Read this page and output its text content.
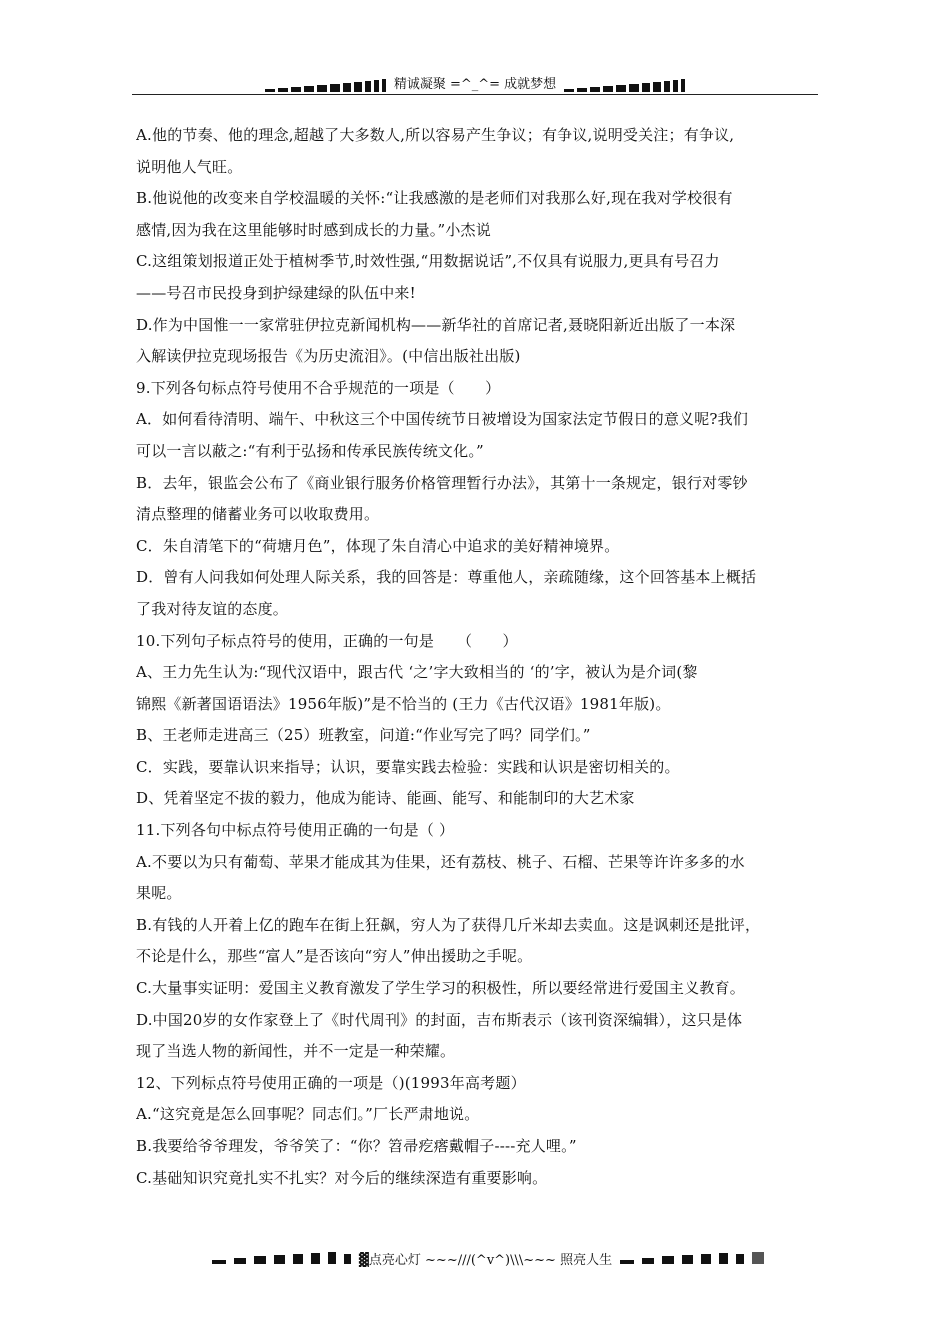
精诚凝聚 =^_^= 成就梦想
A.他的节奏、他的理念,超越了大多数人,所以容易产生争议；有争议,说明受关注；有争议,
说明他人气旺。
B.他说他的改变来自学校温暖的关怀:“让我感激的是老师们对我那么好,现在我对学校很有
感情,因为我在这里能够时时感到成长的力量。”小杰说
C.这组策划报道正处于植树季节,时效性强,“用数据说话”,不仅具有说服力,更具有号召力
——号召市民投身到护绿建绿的队伍中来!
D.作为中国惟一一家常驻伊拉克新闻机构——新华社的首席记者,聂晓阳新近出版了一本深
入解读伊拉克现场报告《为历史流泪》。(中信出版社出版)
9.下列各句标点符号使用不合乎规范的一项是（　　）
A．如何看待清明、端午、中秋这三个中国传统节日被增设为国家法定节假日的意义呢?我们
可以一言以蔽之:“有利于弘扬和传承民族传统文化。”
B．去年，银监会公布了《商业银行服务价格管理暂行办法》，其第十一条规定，银行对零钞
清点整理的储蓄业务可以收取费用。
C．朱自清笔下的“荷塘月色”，体现了朱自清心中追求的美好精神境界。
D．曾有人问我如何处理人际关系，我的回答是：尊重他人，亲疏随缘，这个回答基本上概括
了我对待友谊的态度。
10.下列句子标点符号的使用，正确的一句是　　（　　）
A、王力先生认为:“现代汉语中，跟古代 ‘之’字大致相当的 ‘的’字，被认为是介词(黎
锦熙《新著国语语法》1956年版)”是不恰当的 (王力《古代汉语》1981年版)。
B、王老师走进高三（25）班教室，问道:“作业写完了吗？同学们。”
C．实践，要靠认识来指导；认识，要靠实践去检验：实践和认识是密切相关的。
D、凭着坚定不拔的毅力，他成为能诗、能画、能写、和能制印的大艺术家
11.下列各句中标点符号使用正确的一句是（ ）
A.不要以为只有葡萄、苹果才能成其为佳果，还有荔枝、桃子、石榴、芒果等许许多多的水
果呢。
B.有钱的人开着上亿的跑车在街上狂飙，穷人为了获得几斤米却去卖血。这是讽刺还是批评，
不论是什么，那些“富人”是否该向“穷人”伸出援助之手呢。
C.大量事实证明：爱国主义教育激发了学生学习的积极性，所以要经常进行爱国主义教育。
D.中国20岁的女作家登上了《时代周刊》的封面，吉布斯表示（该刊资深编辑），这只是体
现了当选人物的新闻性，并不一定是一种荣耀。
12、下列标点符号使用正确的一项是（)(1993年高考题）
A.“这究竟是怎么回事呢？同志们。”厂长严肃地说。
B.我要给爷爷理发，爷爷笑了：“你？笤帚疙瘩戴帽子----充人哩。”
C.基础知识究竟扎实不扎实？对今后的继续深造有重要影响。
▓点亮心灯 ~~~///(^v^)\\\~~~ 照亮人生
